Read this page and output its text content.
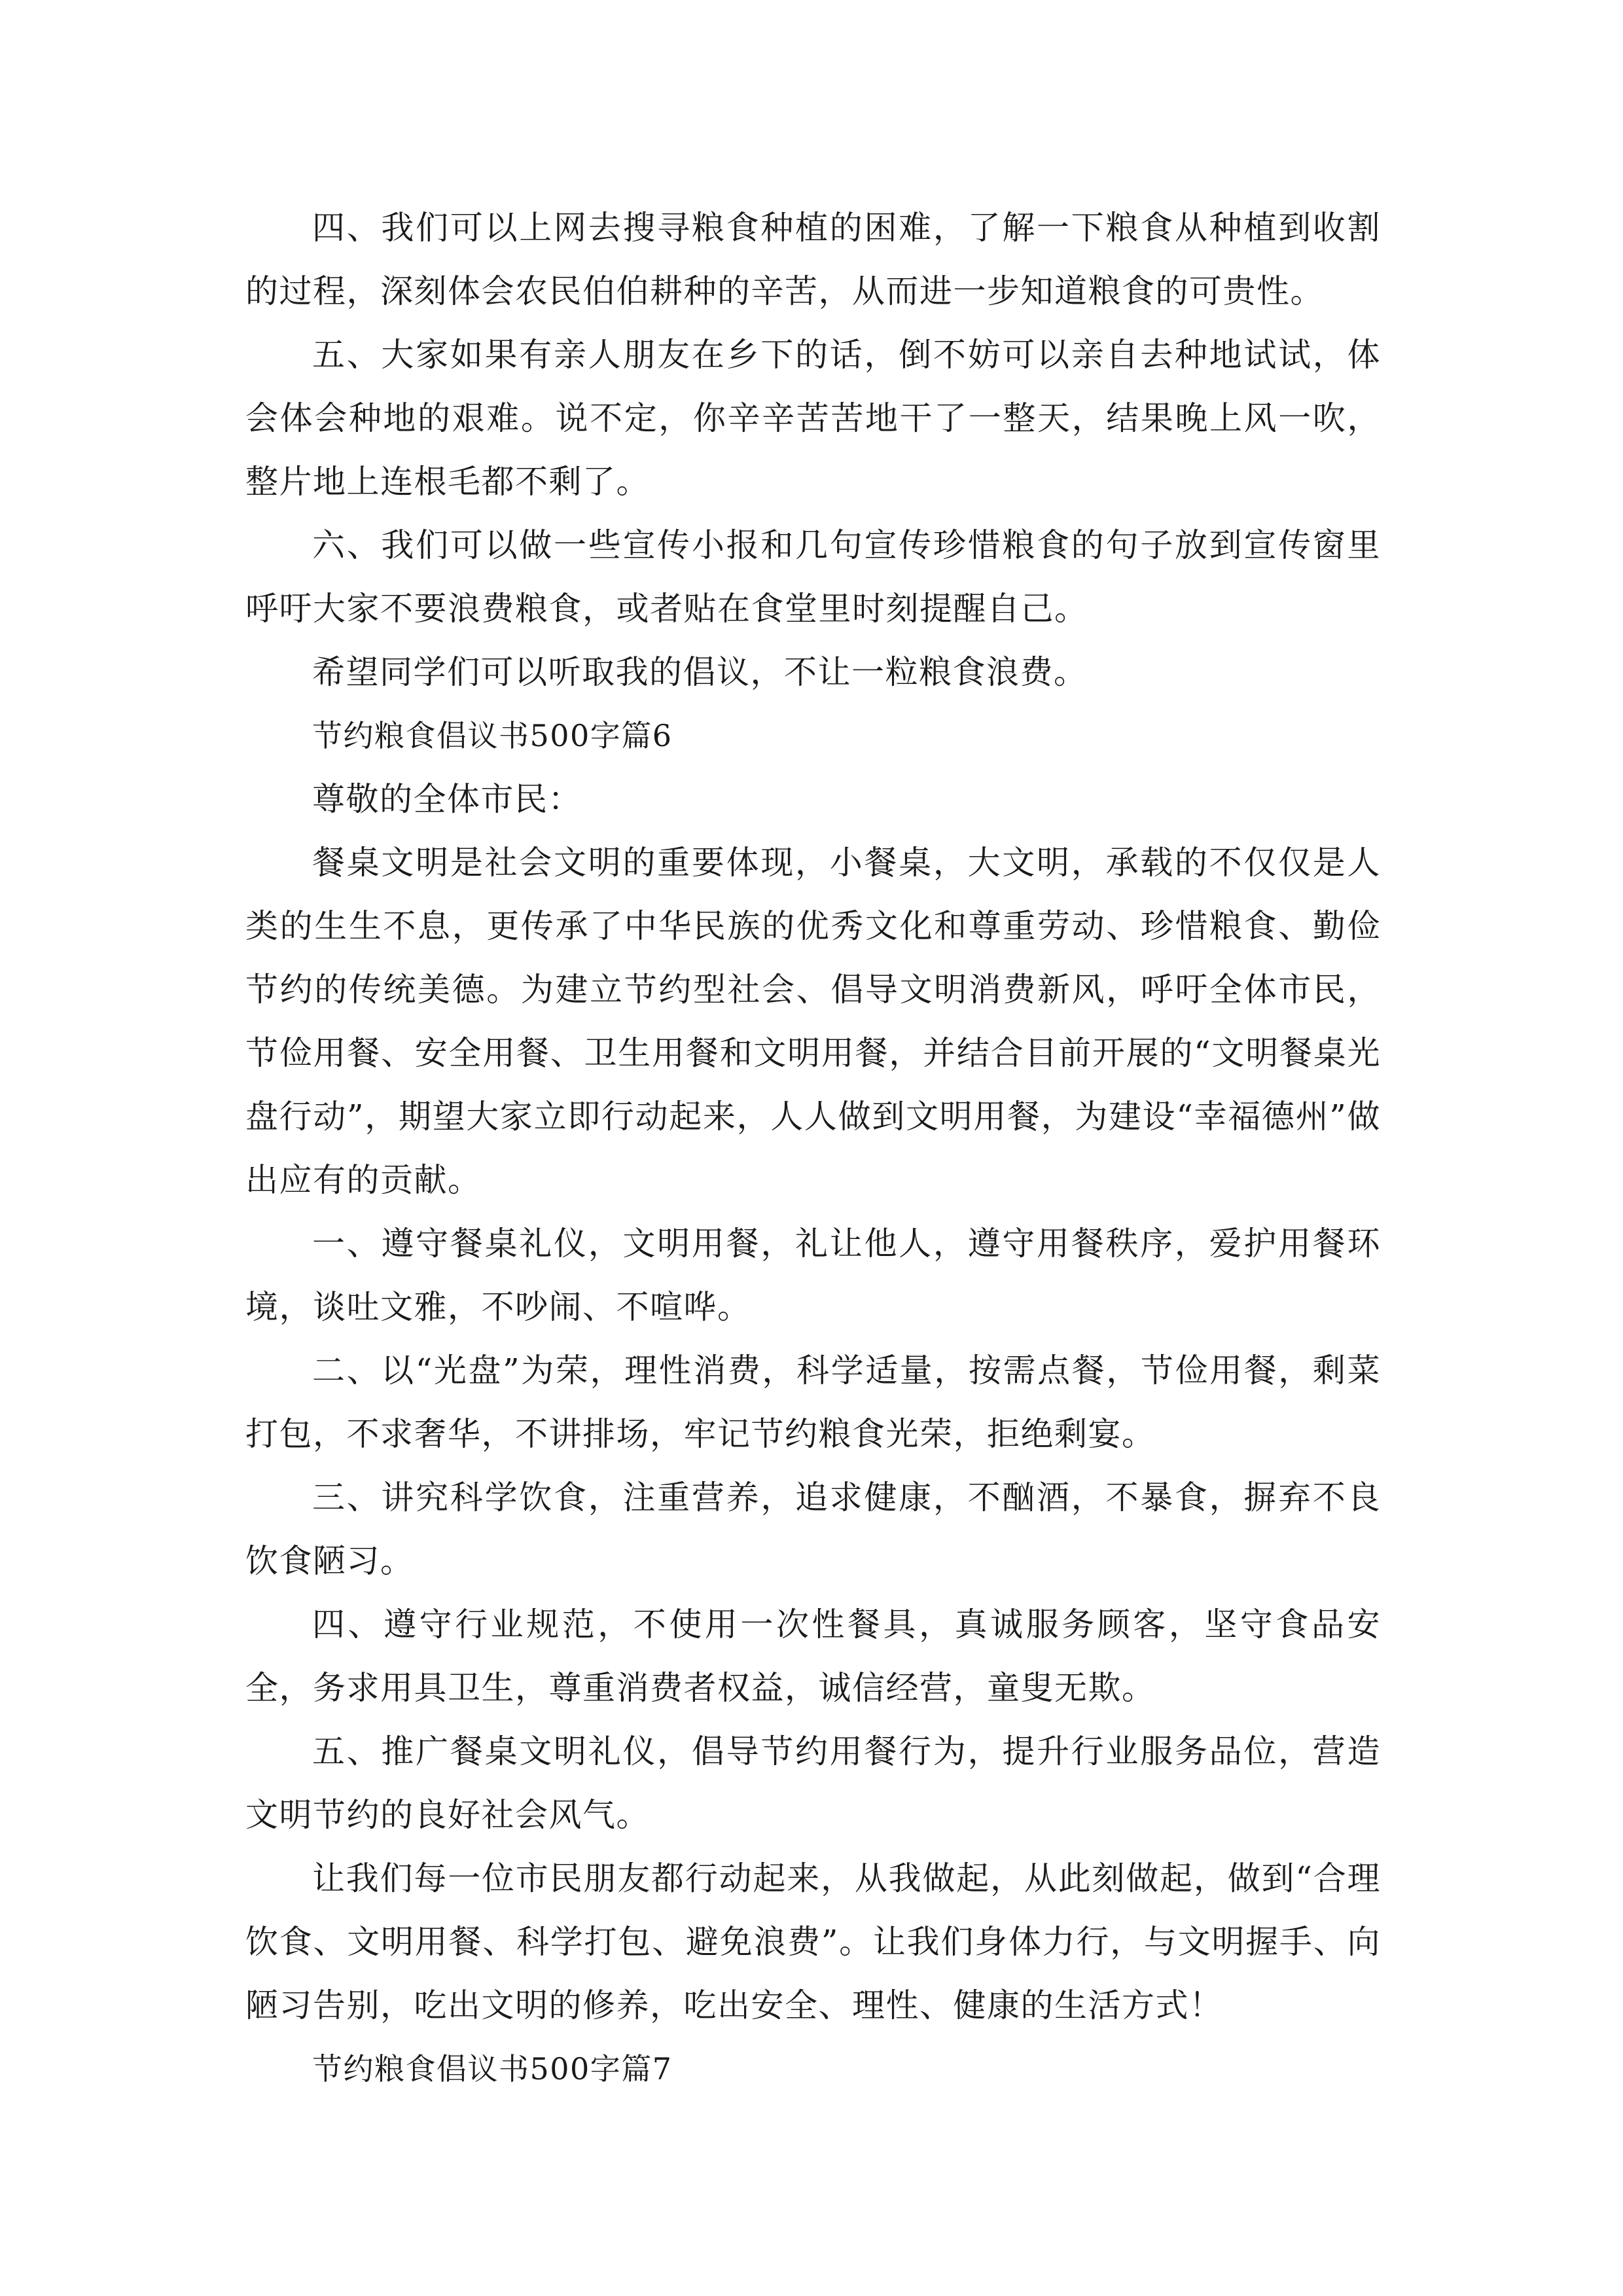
四、我们可以上网去搜寻粮食种植的困难，了解一下粮食从种植到收割的过程，深刻体会农民伯伯耕种的辛苦，从而进一步知道粮食的可贵性。

五、大家如果有亲人朋友在乡下的话，倒不妨可以亲自去种地试试，体会体会种地的艰难。说不定，你辛辛苦苦地干了一整天，结果晚上风一吹，整片地上连根毛都不剩了。

六、我们可以做一些宣传小报和几句宣传珍惜粮食的句子放到宣传窗里呼吁大家不要浪费粮食，或者贴在食堂里时刻提醒自己。

希望同学们可以听取我的倡议，不让一粒粮食浪费。

节约粮食倡议书500字篇6

尊敬的全体市民：

餐桌文明是社会文明的重要体现，小餐桌，大文明，承载的不仅仅是人类的生生不息，更传承了中华民族的优秀文化和尊重劳动、珍惜粮食、勤俭节约的传统美德。为建立节约型社会、倡导文明消费新风，呼吁全体市民，节俭用餐、安全用餐、卫生用餐和文明用餐，并结合目前开展的“文明餐桌光盘行动”，期望大家立即行动起来，人人做到文明用餐，为建设“幸福德州”做出应有的贡献。

一、遵守餐桌礼仪，文明用餐，礼让他人，遵守用餐秩序，爱护用餐环境，谈吐文雅，不吵闹、不喧哗。

二、以“光盘”为荣，理性消费，科学适量，按需点餐，节俭用餐，剩菜打包，不求奢华，不讲排场，牢记节约粮食光荣，拒绝剩宴。

三、讲究科学饮食，注重营养，追求健康，不酗酒，不暴食，摒弃不良饮食陋习。

四、遵守行业规范，不使用一次性餐具，真诚服务顾客，坚守食品安全，务求用具卫生，尊重消费者权益，诚信经营，童叟无欺。

五、推广餐桌文明礼仪，倡导节约用餐行为，提升行业服务品位，营造文明节约的良好社会风气。

让我们每一位市民朋友都行动起来，从我做起，从此刻做起，做到“合理饮食、文明用餐、科学打包、避免浪费”。让我们身体力行，与文明握手、向陋习告别，吃出文明的修养，吃出安全、理性、健康的生活方式！

节约粮食倡议书500字篇7
